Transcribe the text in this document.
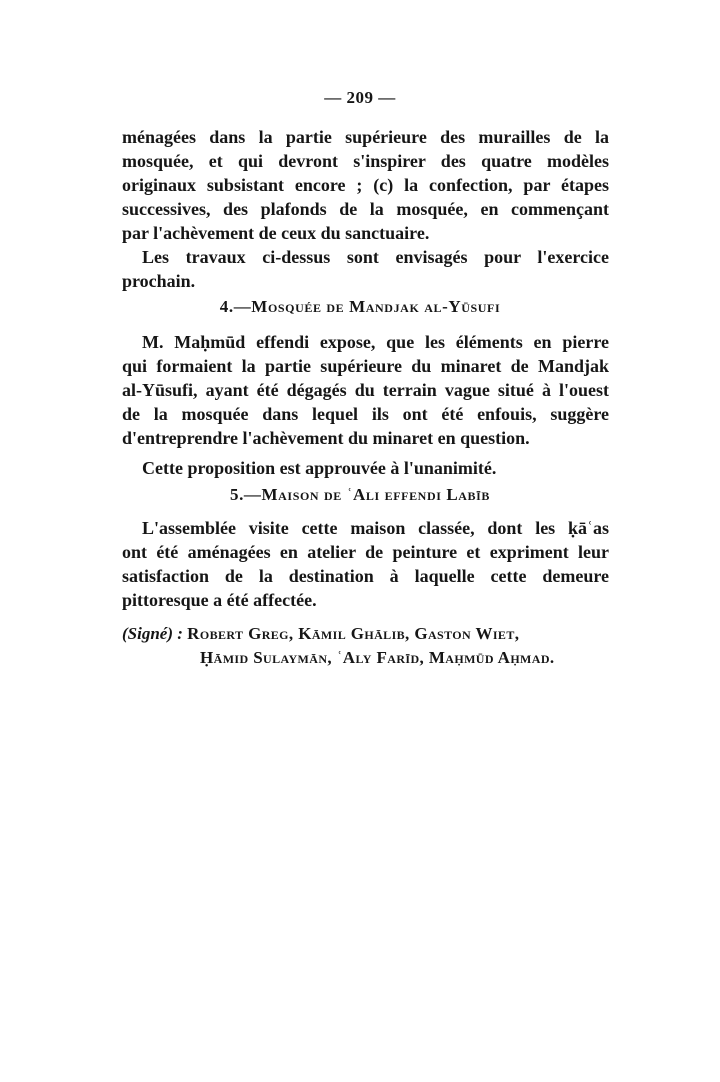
— 209 —

ménagées dans la partie supérieure des murailles de la
mosquée, et qui devront s'inspirer des quatre modèles
originaux subsistant encore ; (c) la confection, par étapes
successives, des plafonds de la mosquée, en commençant
par l'achèvement de ceux du sanctuaire.

Les travaux ci-dessus sont envisagés pour l'exercice
prochain.

4.—Mosquée de Mandjak al-Yūsufi

M. Maḥmūd effendi expose, que les éléments en pierre
qui formaient la partie supérieure du minaret de Mandjak
al-Yūsufi, ayant été dégagés du terrain vague situé à l'ouest
de la mosquée dans lequel ils ont été enfouis, suggère
d'entreprendre l'achèvement du minaret en question.

Cette proposition est approuvée à l'unanimité.

5.—Maison de ʿAli effendi Labīb

L'assemblée visite cette maison classée, dont les ḳāʿas
ont été aménagées en atelier de peinture et expriment leur
satisfaction de la destination à laquelle cette demeure
pittoresque a été affectée.

(Signé) : Robert Greg, Kāmil Ghālib, Gaston Wiet,
Ḥāmid Sulaymān, ʿAly Farīd, Maḥmūd Aḥmad.
